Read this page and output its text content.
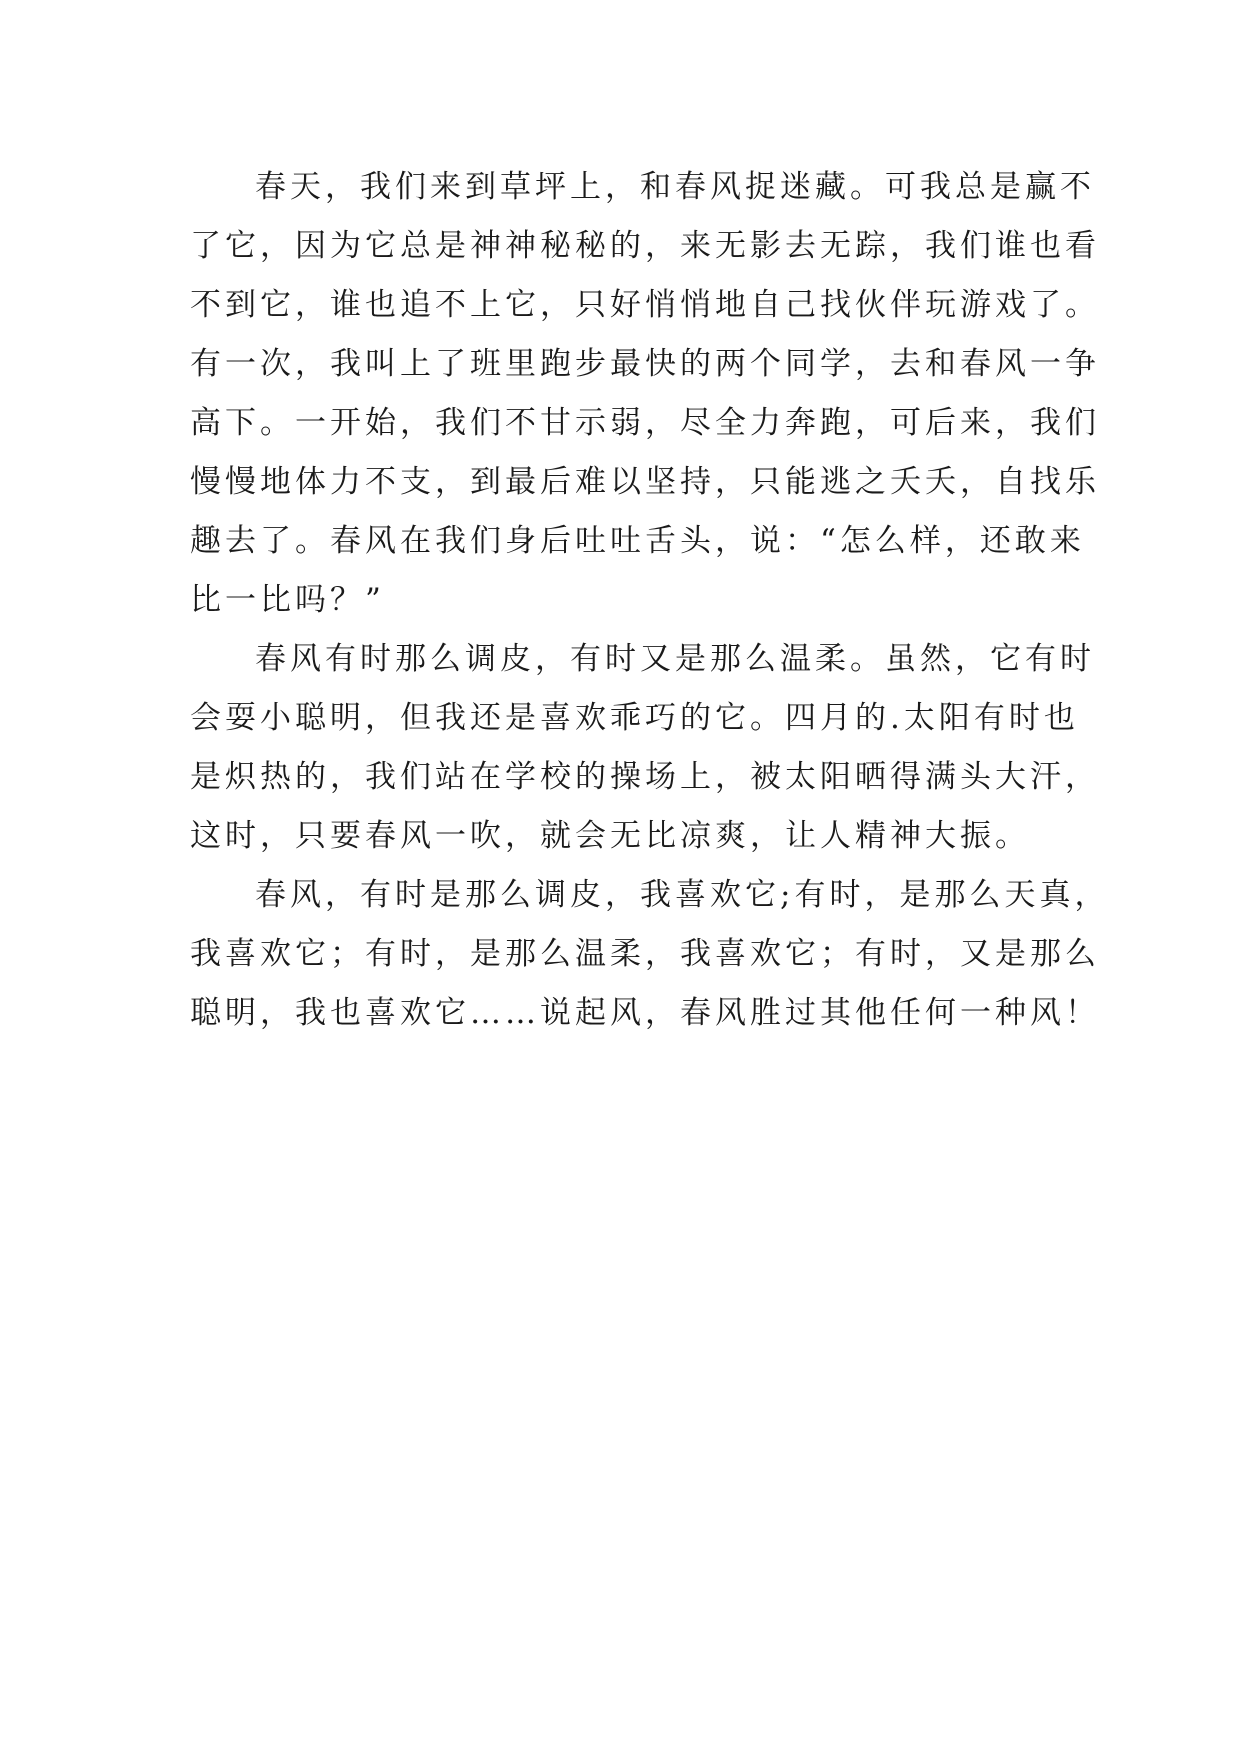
春天，我们来到草坪上，和春风捉迷藏。可我总是赢不
了它，因为它总是神神秘秘的，来无影去无踪，我们谁也看
不到它，谁也追不上它，只好悄悄地自己找伙伴玩游戏了。
有一次，我叫上了班里跑步最快的两个同学，去和春风一争
高下。一开始，我们不甘示弱，尽全力奔跑，可后来，我们
慢慢地体力不支，到最后难以坚持，只能逃之夭夭，自找乐
趣去了。春风在我们身后吐吐舌头，说：“怎么样，还敢来
比一比吗？”
春风有时那么调皮，有时又是那么温柔。虽然，它有时
会耍小聪明，但我还是喜欢乖巧的它。四月的.太阳有时也
是炽热的，我们站在学校的操场上，被太阳晒得满头大汗，
这时，只要春风一吹，就会无比凉爽，让人精神大振。
春风，有时是那么调皮，我喜欢它;有时，是那么天真，
我喜欢它；有时，是那么温柔，我喜欢它；有时，又是那么
聪明，我也喜欢它……说起风，春风胜过其他任何一种风！
